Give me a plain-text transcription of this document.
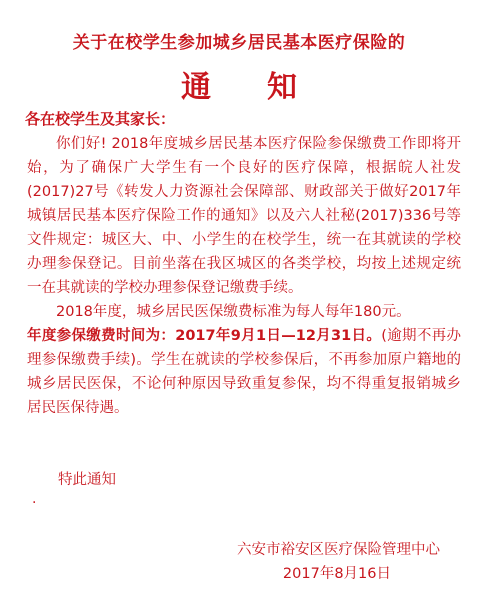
关于在校学生参加城乡居民基本医疗保险的
通知
各在校学生及其家长：

你们好! 2018年度城乡居民基本医疗保险参保缴费工作即将开始，为了确保广大学生有一个良好的医疗保障，根据皖人社发(2017)27号《转发人力资源社会保障部、财政部关于做好2017年城镇居民基本医疗保险工作的通知》以及六人社秘(2017)336号等文件规定：城区大、中、小学生的在校学生，统一在其就读的学校办理参保登记。目前坐落在我区城区的各类学校，均按上述规定统一在其就读的学校办理参保登记缴费手续。

2018年度，城乡居民医保缴费标准为每人每年180元。

年度参保缴费时间为：2017年9月1日—12月31日。(逾期不再办理参保缴费手续)。学生在就读的学校参保后，不再参加原户籍地的城乡居民医保，不论何种原因导致重复参保，均不得重复报销城乡居民医保待遇。

特此通知
.
六安市裕安区医疗保险管理中心
2017年8月16日
